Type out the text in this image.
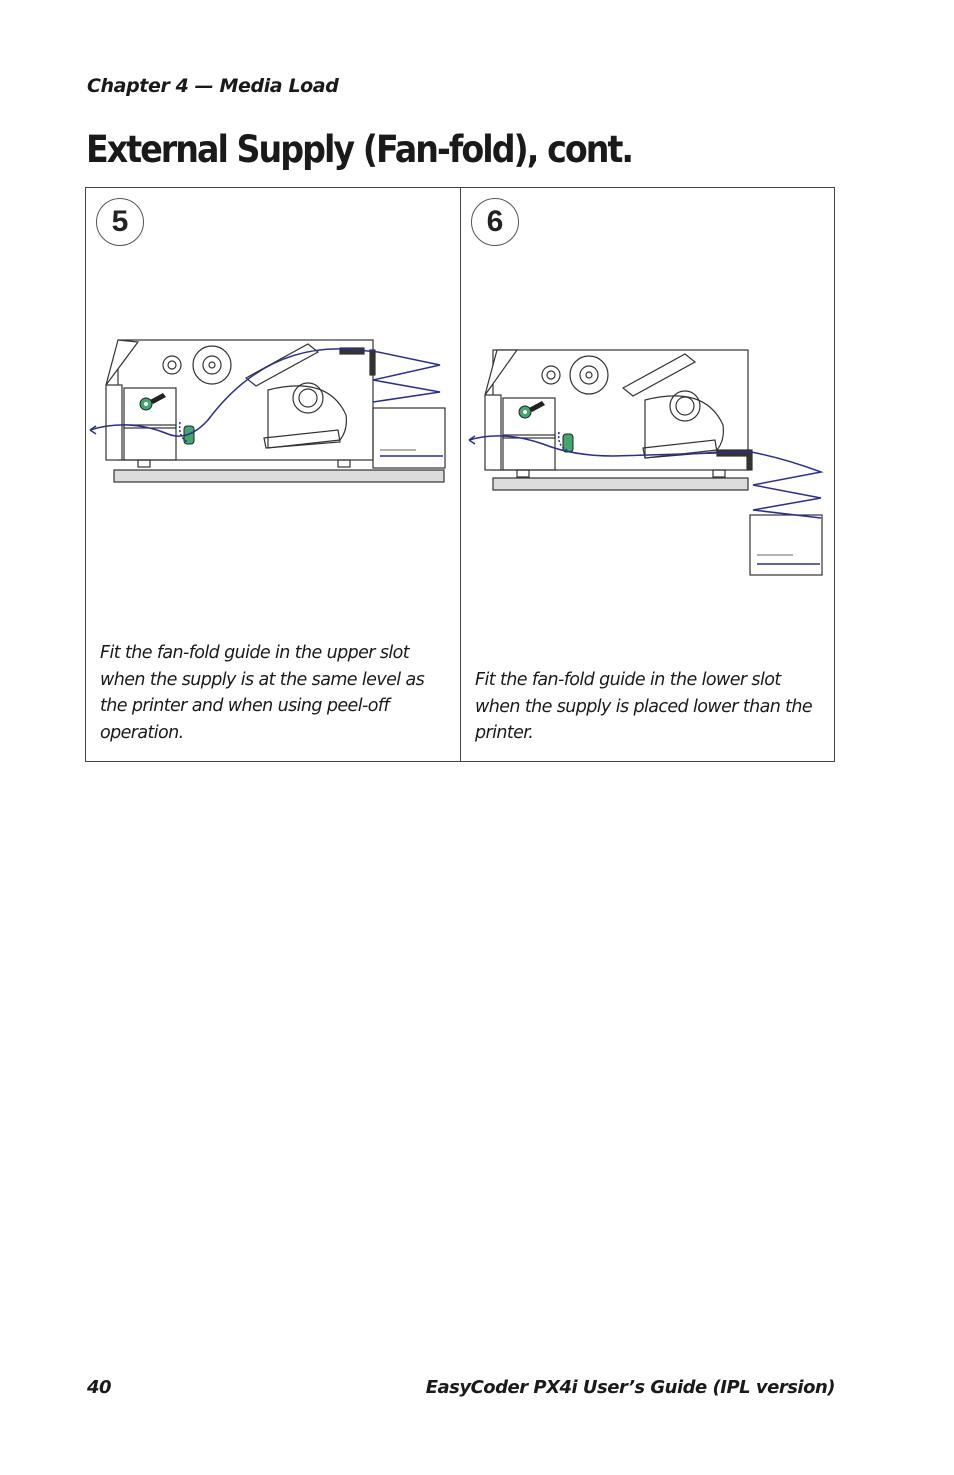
Chapter 4 — Media Load
External Supply (Fan-fold), cont.
5	6
Fit the fan-fold guide in the upper slot when the supply is at the same level as the printer and when using peel-off operation.
Fit the fan-fold guide in the lower slot when the supply is placed lower than the printer.
40	EasyCoder PX4i User’s Guide (IPL version)
